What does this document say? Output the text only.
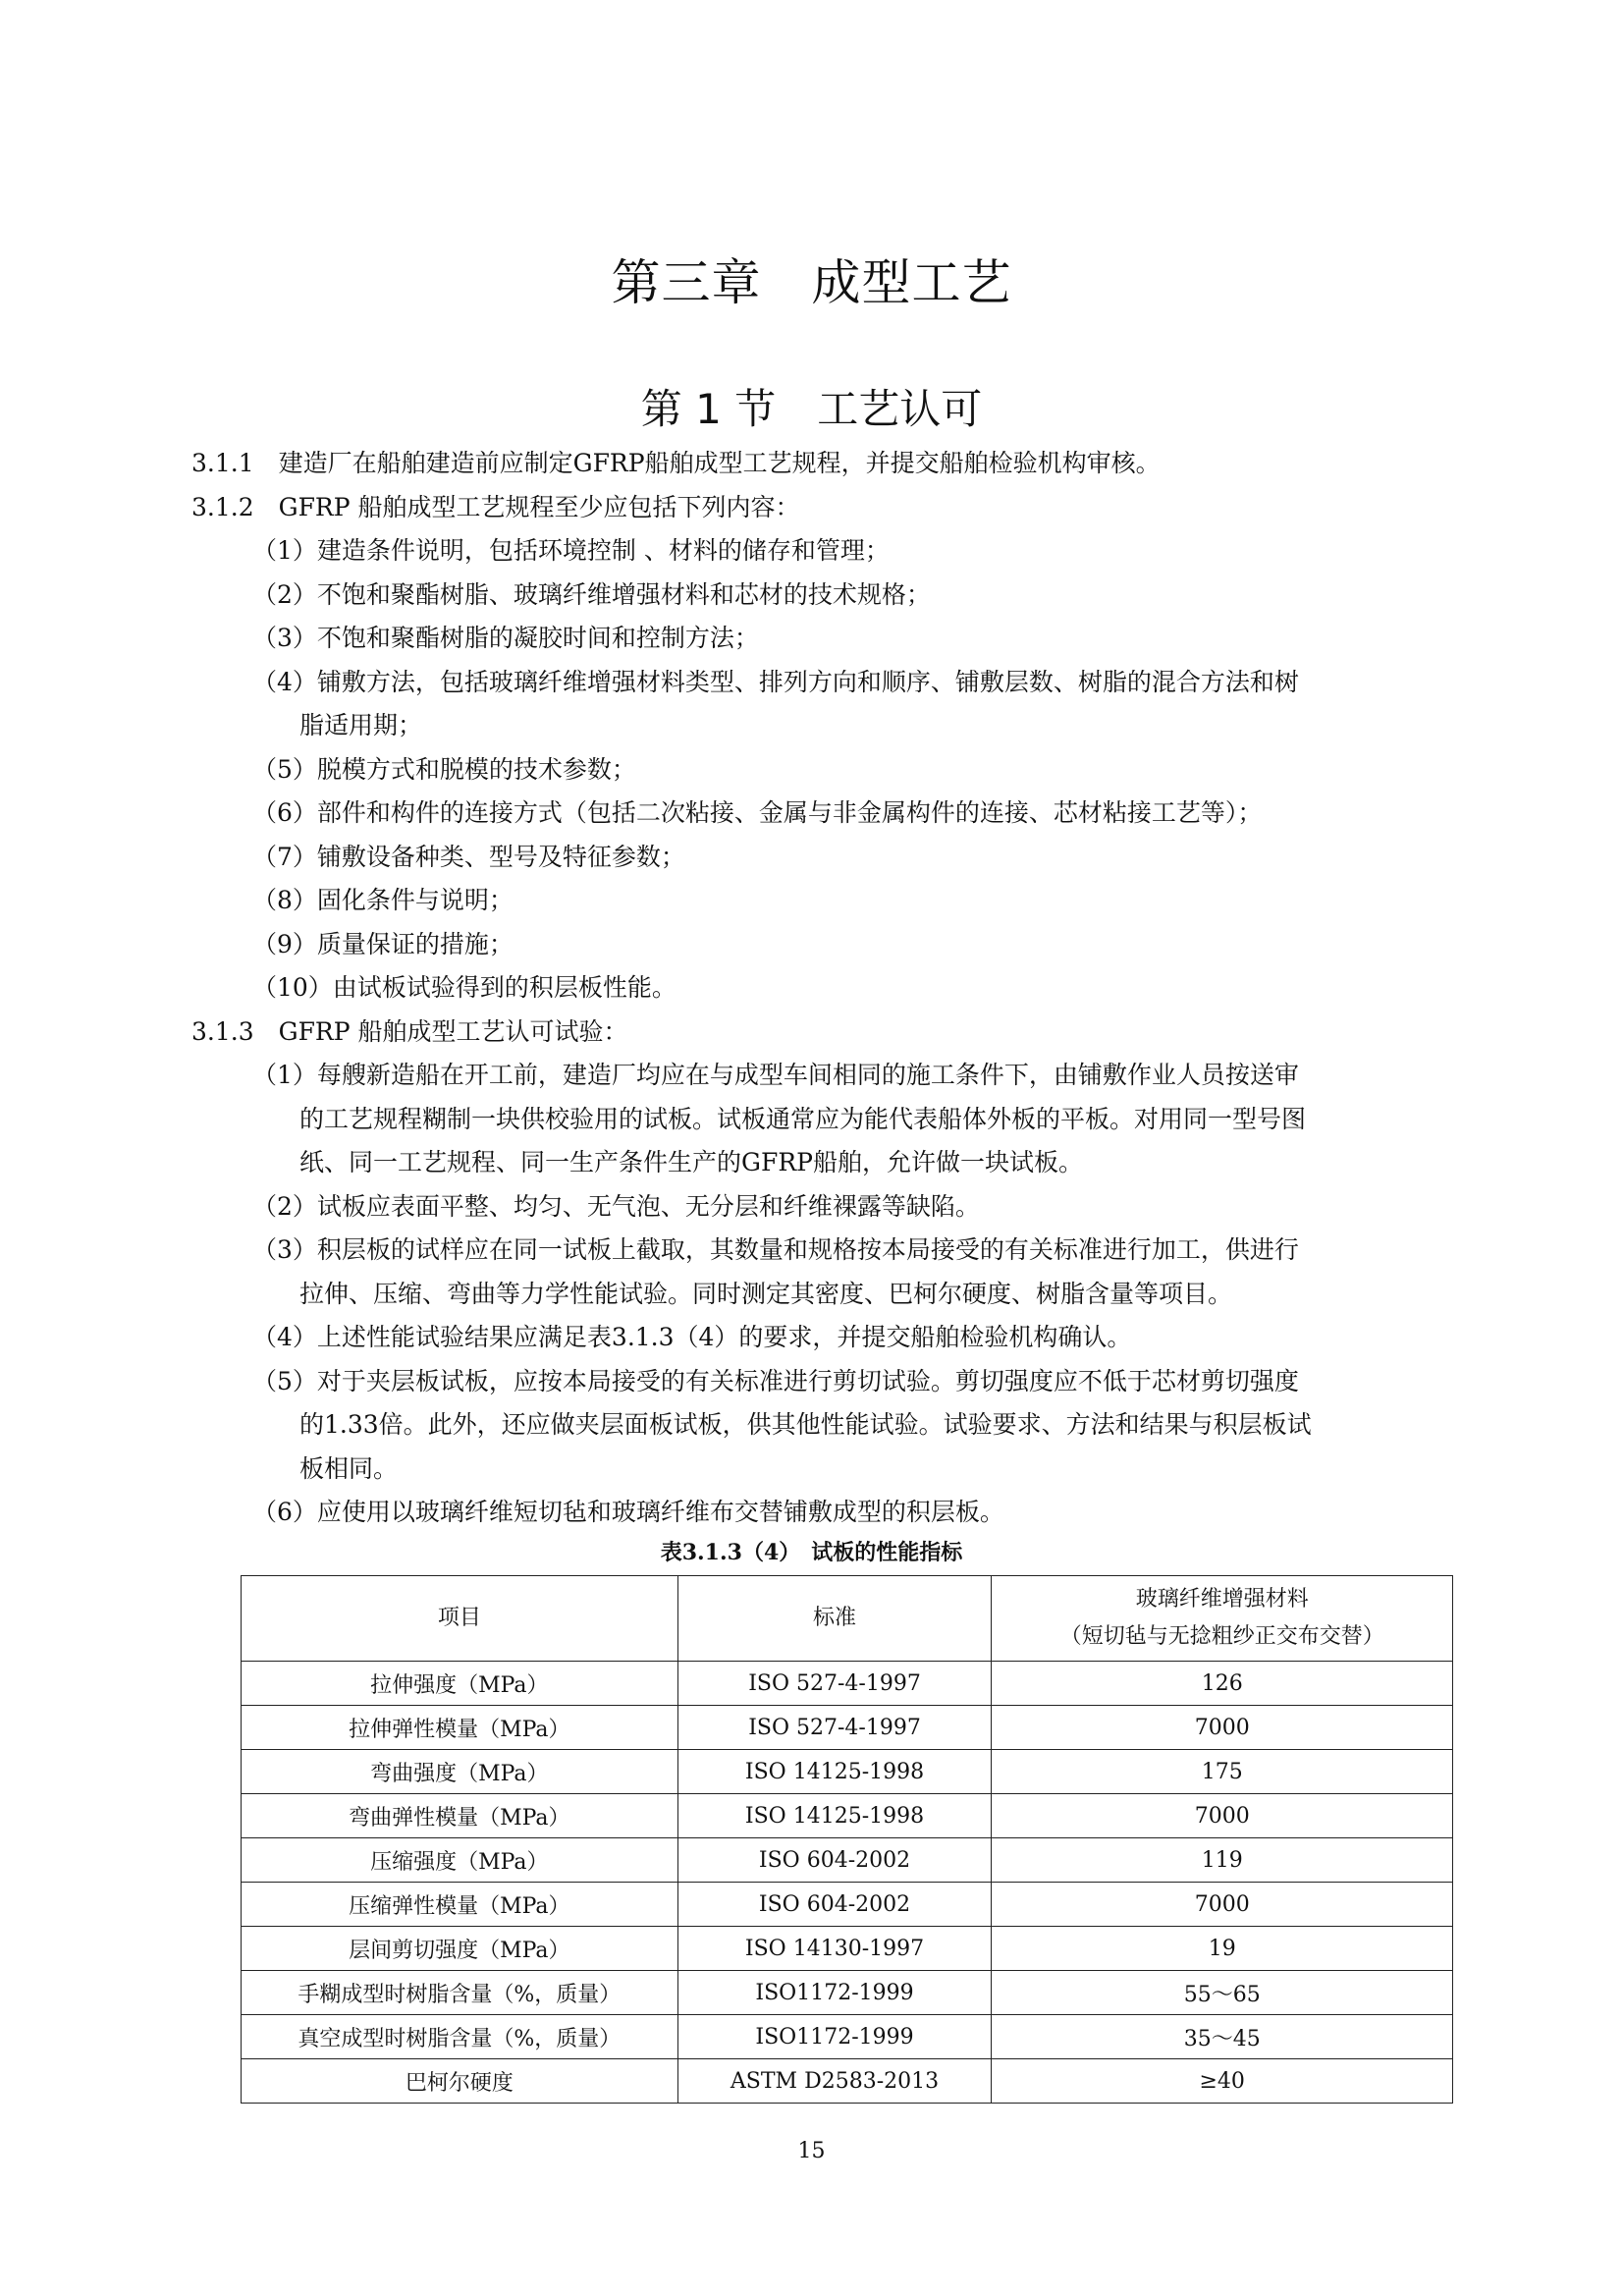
第三章　成型工艺
第 1 节　工艺认可
3.1.1　建造厂在船舶建造前应制定GFRP船舶成型工艺规程，并提交船舶检验机构审核。
3.1.2　GFRP 船舶成型工艺规程至少应包括下列内容：
（1）建造条件说明，包括环境控制 、材料的储存和管理；
（2）不饱和聚酯树脂、玻璃纤维增强材料和芯材的技术规格；
（3）不饱和聚酯树脂的凝胶时间和控制方法；
（4）铺敷方法，包括玻璃纤维增强材料类型、排列方向和顺序、铺敷层数、树脂的混合方法和树
脂适用期；
（5）脱模方式和脱模的技术参数；
（6）部件和构件的连接方式（包括二次粘接、金属与非金属构件的连接、芯材粘接工艺等）；
（7）铺敷设备种类、型号及特征参数；
（8）固化条件与说明；
（9）质量保证的措施；
（10）由试板试验得到的积层板性能。
3.1.3　GFRP 船舶成型工艺认可试验：
（1）每艘新造船在开工前，建造厂均应在与成型车间相同的施工条件下，由铺敷作业人员按送审
的工艺规程糊制一块供校验用的试板。试板通常应为能代表船体外板的平板。对用同一型号图
纸、同一工艺规程、同一生产条件生产的GFRP船舶，允许做一块试板。
（2）试板应表面平整、均匀、无气泡、无分层和纤维裸露等缺陷。
（3）积层板的试样应在同一试板上截取，其数量和规格按本局接受的有关标准进行加工，供进行
拉伸、压缩、弯曲等力学性能试验。同时测定其密度、巴柯尔硬度、树脂含量等项目。
（4）上述性能试验结果应满足表3.1.3（4）的要求，并提交船舶检验机构确认。
（5）对于夹层板试板，应按本局接受的有关标准进行剪切试验。剪切强度应不低于芯材剪切强度
的1.33倍。此外，还应做夹层面板试板，供其他性能试验。试验要求、方法和结果与积层板试
板相同。
（6）应使用以玻璃纤维短切毡和玻璃纤维布交替铺敷成型的积层板。
表3.1.3（4）　试板的性能指标
项目	标准	玻璃纤维增强材料
（短切毡与无捻粗纱正交布交替）

拉伸强度（MPa）	ISO 527-4-1997	126
拉伸弹性模量（MPa）	ISO 527-4-1997	7000
弯曲强度（MPa）	ISO 14125-1998	175
弯曲弹性模量（MPa）	ISO 14125-1998	7000
压缩强度（MPa）	ISO 604-2002	119
压缩弹性模量（MPa）	ISO 604-2002	7000
层间剪切强度（MPa）	ISO 14130-1997	19
手糊成型时树脂含量（%，质量）	ISO1172-1999	55～65
真空成型时树脂含量（%，质量）	ISO1172-1999	35～45
巴柯尔硬度	ASTM D2583-2013	≥40
15
